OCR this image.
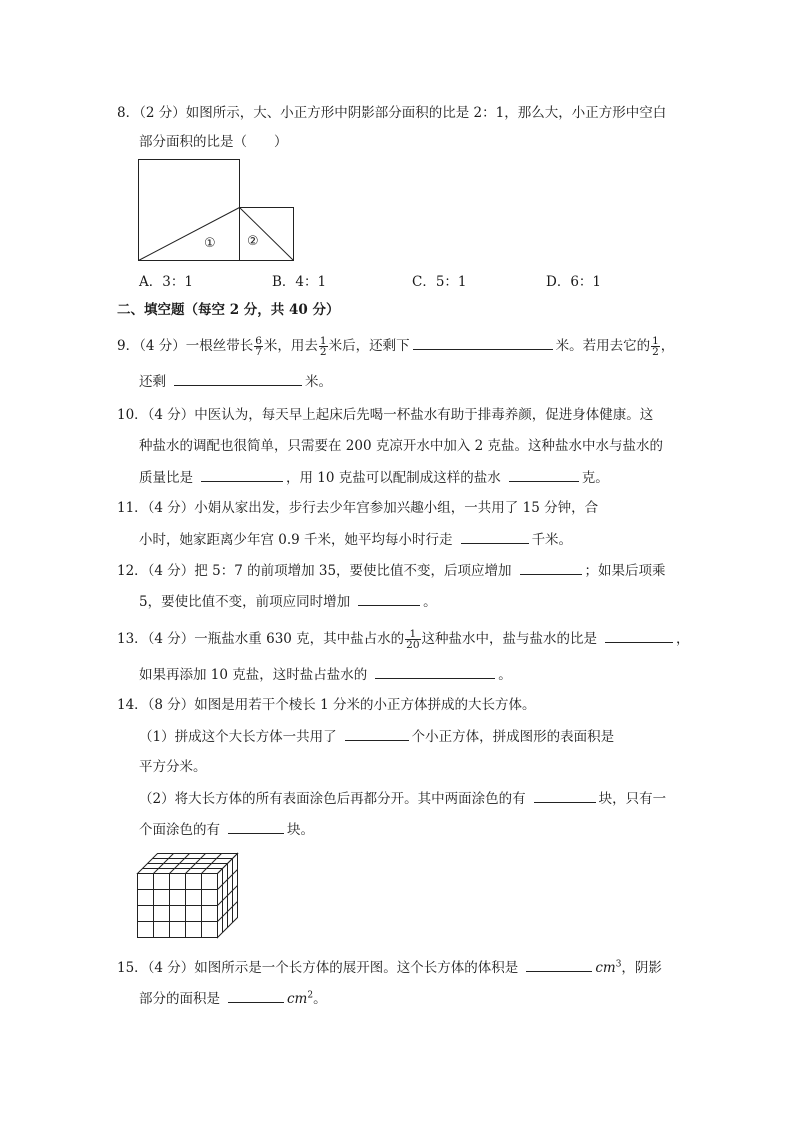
8．（2 分）如图所示，大、小正方形中阴影部分面积的比是 2：1，那么大，小正方形中空白
部分面积的比是（　　）
① ②
A．3：1	B．4：1	C．5：1	D．6：1
二、填空题（每空 2 分，共 40 分）
9．（4 分）一根丝带长 $\frac{6}{7}$ 米，用去 $\frac{1}{2}$ 米后，还剩下	米。若用去它的 $\frac{1}{2}$ ，
还剩	米。
10．（4 分）中医认为，每天早上起床后先喝一杯盐水有助于排毒养颜，促进身体健康。这
种盐水的调配也很简单，只需要在 200 克凉开水中加入 2 克盐。这种盐水中水与盐水的
质量比是	，用 10 克盐可以配制成这样的盐水	克。
11．（4 分）小娟从家出发，步行去少年宫参加兴趣小组，一共用了 15 分钟，合
小时，她家距离少年宫 0.9 千米，她平均每小时行走	千米。
12．（4 分）把 5：7 的前项增加 35，要使比值不变，后项应增加	；如果后项乘
5，要使比值不变，前项应同时增加	。
13．（4 分）一瓶盐水重 630 克，其中盐占水的 $\frac{1}{20}$ 这种盐水中，盐与盐水的比是	，
如果再添加 10 克盐，这时盐占盐水的	。
14．（8 分）如图是用若干个棱长 1 分米的小正方体拼成的大长方体。
（1）拼成这个大长方体一共用了	个小正方体，拼成图形的表面积是
平方分米。
（2）将大长方体的所有表面涂色后再都分开。其中两面涂色的有	块，只有一
个面涂色的有	块。
15．（4 分）如图所示是一个长方体的展开图。这个长方体的体积是	$cm^3$，阴影
部分的面积是	$cm^2$。
